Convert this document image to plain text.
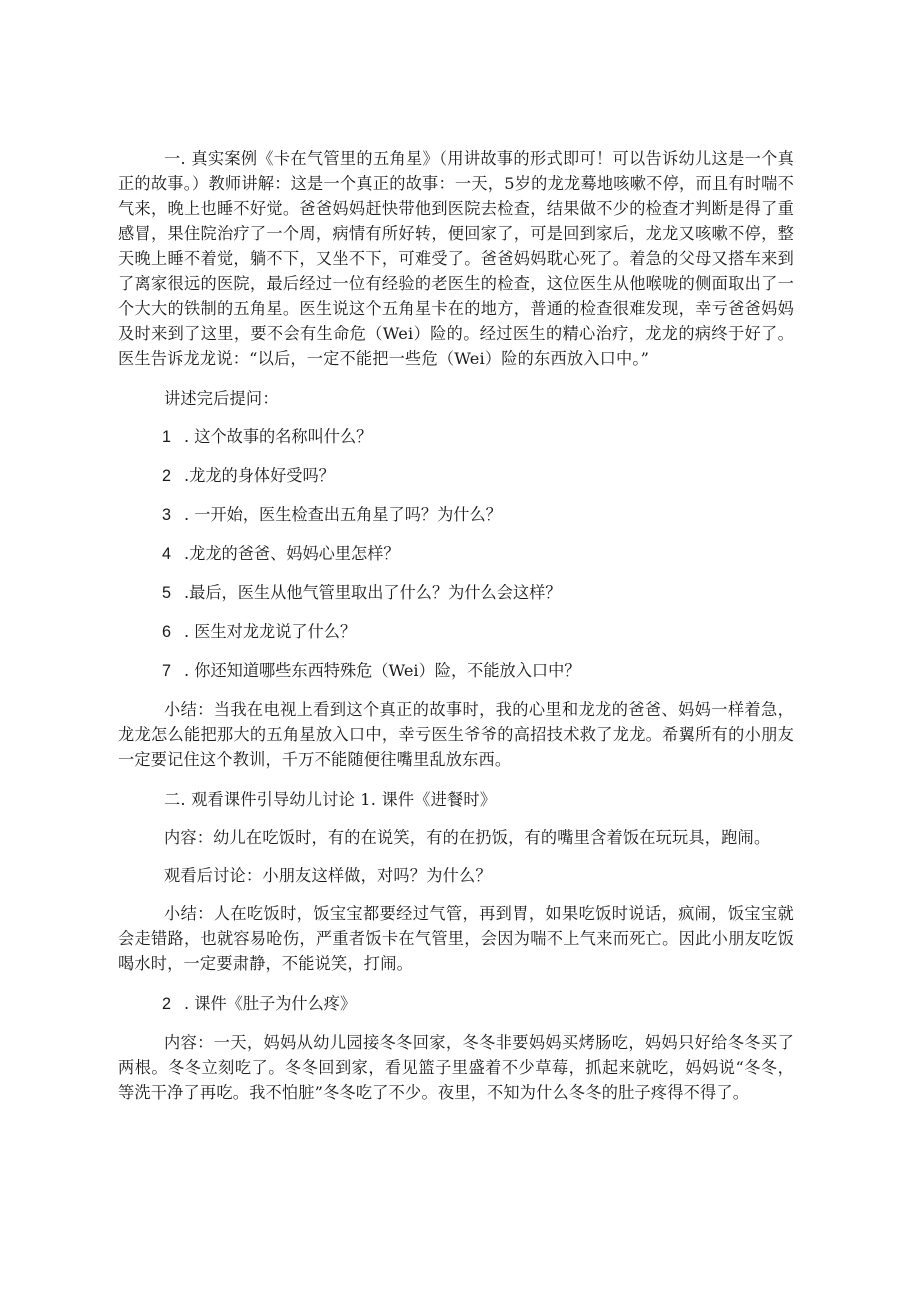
一. 真实案例《卡在气管里的五角星》（用讲故事的形式即可！可以告诉幼儿这是一个真正的故事。）教师讲解：这是一个真正的故事：一天，5岁的龙龙蓦地咳嗽不停，而且有时喘不气来，晚上也睡不好觉。爸爸妈妈赶快带他到医院去检查，结果做不少的检查才判断是得了重感冒，果住院治疗了一个周，病情有所好转，便回家了，可是回到家后，龙龙又咳嗽不停，整天晚上睡不着觉，躺不下，又坐不下，可难受了。爸爸妈妈耽心死了。着急的父母又搭车来到了离家很远的医院，最后经过一位有经验的老医生的检查，这位医生从他喉咙的侧面取出了一个大大的铁制的五角星。医生说这个五角星卡在的地方，普通的检查很难发现，幸亏爸爸妈妈及时来到了这里，要不会有生命危（Wei）险的。经过医生的精心治疗，龙龙的病终于好了。医生告诉龙龙说：“以后，一定不能把一些危（Wei）险的东西放入口中。”

讲述完后提问：

1 . 这个故事的名称叫什么？
2 .龙龙的身体好受吗？
3 . 一开始，医生检查出五角星了吗？为什么？
4 .龙龙的爸爸、妈妈心里怎样？
5 .最后，医生从他气管里取出了什么？为什么会这样？
6 . 医生对龙龙说了什么？
7 . 你还知道哪些东西特殊危（Wei）险，不能放入口中？

小结：当我在电视上看到这个真正的故事时，我的心里和龙龙的爸爸、妈妈一样着急，龙龙怎么能把那大的五角星放入口中，幸亏医生爷爷的高招技术救了龙龙。希翼所有的小朋友一定要记住这个教训，千万不能随便往嘴里乱放东西。

二. 观看课件引导幼儿讨论 1. 课件《进餐时》

内容：幼儿在吃饭时，有的在说笑，有的在扔饭，有的嘴里含着饭在玩玩具，跑闹。

观看后讨论：小朋友这样做，对吗？为什么？

小结：人在吃饭时，饭宝宝都要经过气管，再到胃，如果吃饭时说话，疯闹，饭宝宝就会走错路，也就容易呛伤，严重者饭卡在气管里，会因为喘不上气来而死亡。因此小朋友吃饭喝水时，一定要肃静，不能说笑，打闹。

2 . 课件《肚子为什么疼》

内容：一天，妈妈从幼儿园接冬冬回家，冬冬非要妈妈买烤肠吃，妈妈只好给冬冬买了两根。冬冬立刻吃了。冬冬回到家，看见篮子里盛着不少草莓，抓起来就吃，妈妈说“冬冬，等洗干净了再吃。我不怕脏”冬冬吃了不少。夜里，不知为什么冬冬的肚子疼得不得了。
